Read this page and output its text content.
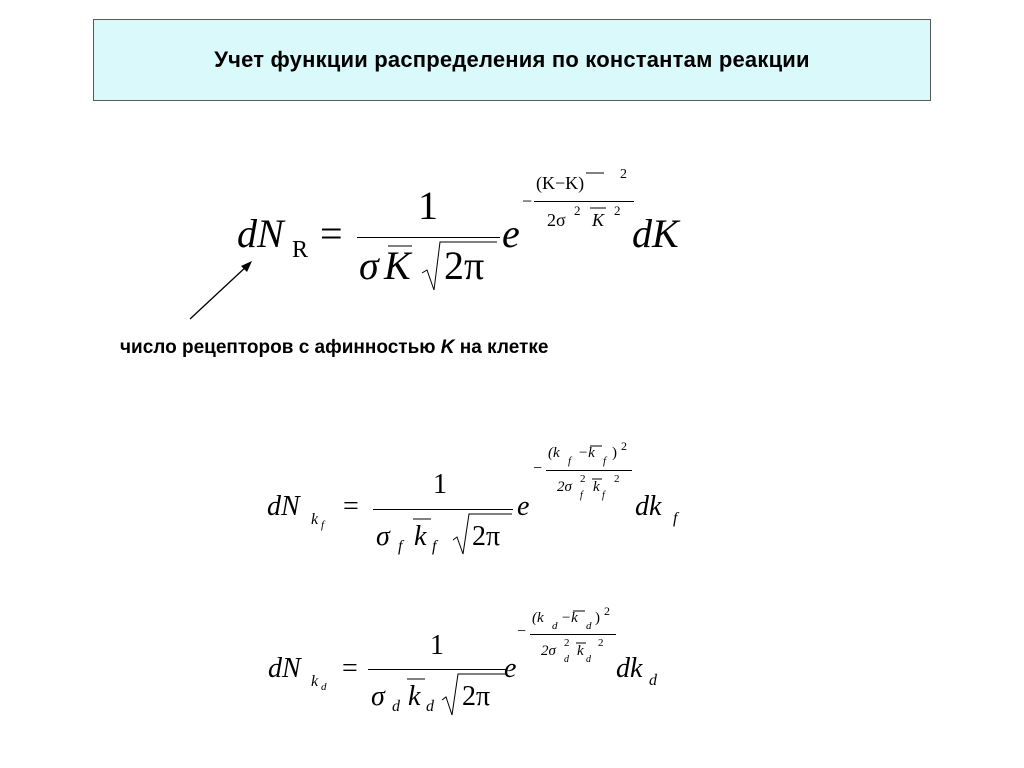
Учет функции распределения по константам реакции
dN R =
1
σ K 2π
e
−
(K−K)	2
2σ 2 K 2
dK
число рецепторов с афинностью K на клетке
dN k f
=
1
σ f k f 2π
e
−
(k f −k f ) 2
2σ 2
f
k
f
2
dk f
dN k d
=
1
σ d k d 2π
e
−
(k d −k d ) 2
2σ 2
d
k
d
2
dk d
